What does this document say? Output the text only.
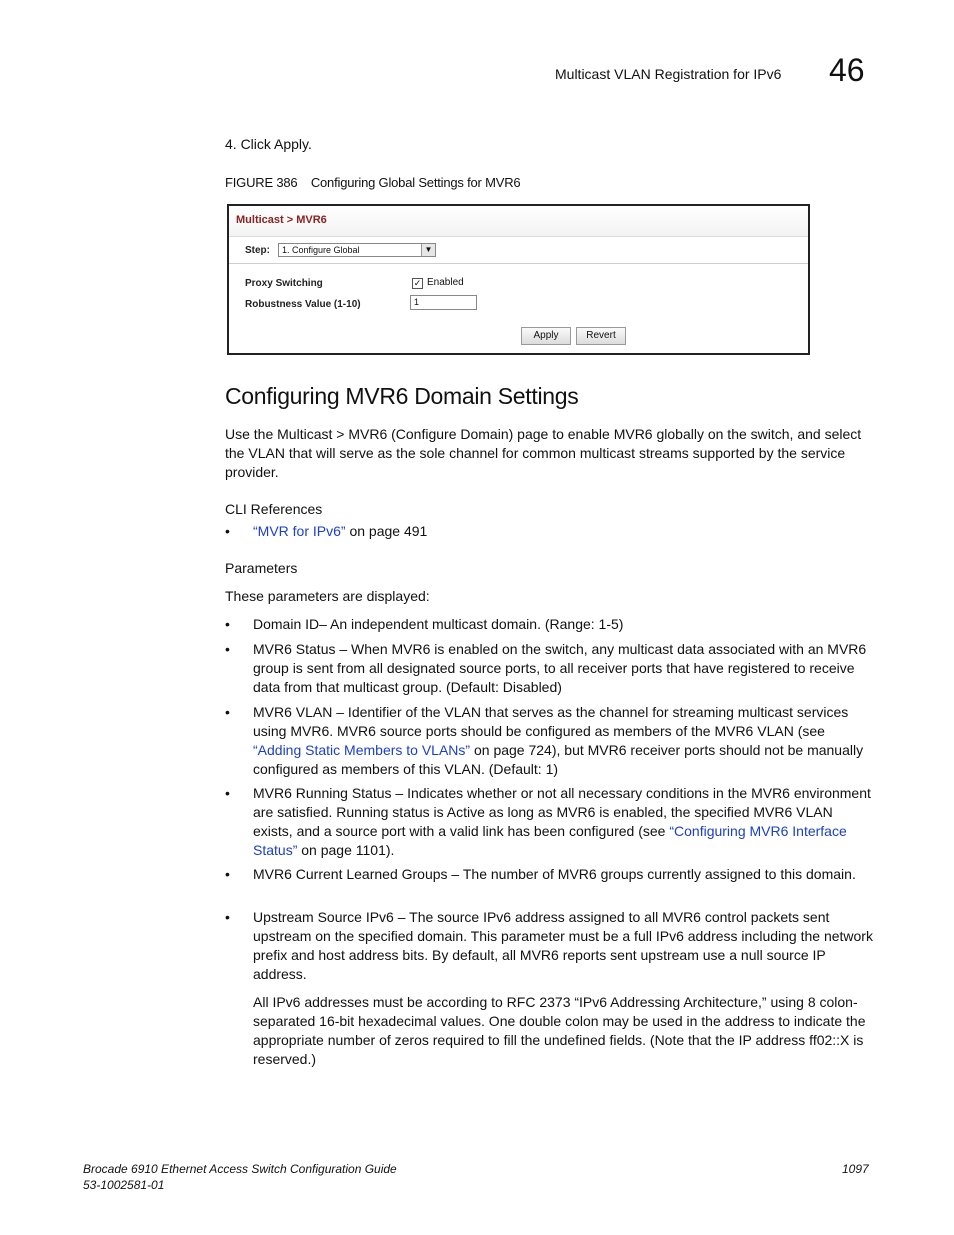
Multicast VLAN Registration for IPv6 46
4. Click Apply.
FIGURE 386 Configuring Global Settings for MVR6
Multicast > MVR6
Step:	1. Configure Global	▼
Proxy Switching	✓ Enabled
Robustness Value (1-10)	1
Apply	Revert
Configuring MVR6 Domain Settings
Use the Multicast > MVR6 (Configure Domain) page to enable MVR6 globally on the switch, and select the VLAN that will serve as the sole channel for common multicast streams supported by the service provider.
CLI References
• “MVR for IPv6” on page 491
Parameters
These parameters are displayed:
• Domain ID– An independent multicast domain. (Range: 1-5)
• MVR6 Status – When MVR6 is enabled on the switch, any multicast data associated with an MVR6 group is sent from all designated source ports, to all receiver ports that have registered to receive data from that multicast group. (Default: Disabled)
• MVR6 VLAN – Identifier of the VLAN that serves as the channel for streaming multicast services using MVR6. MVR6 source ports should be configured as members of the MVR6 VLAN (see “Adding Static Members to VLANs” on page 724), but MVR6 receiver ports should not be manually configured as members of this VLAN. (Default: 1)
• MVR6 Running Status – Indicates whether or not all necessary conditions in the MVR6 environment are satisfied. Running status is Active as long as MVR6 is enabled, the specified MVR6 VLAN exists, and a source port with a valid link has been configured (see “Configuring MVR6 Interface Status” on page 1101).
• MVR6 Current Learned Groups – The number of MVR6 groups currently assigned to this domain.
• Upstream Source IPv6 – The source IPv6 address assigned to all MVR6 control packets sent upstream on the specified domain. This parameter must be a full IPv6 address including the network prefix and host address bits. By default, all MVR6 reports sent upstream use a null source IP address.
All IPv6 addresses must be according to RFC 2373 “IPv6 Addressing Architecture,” using 8 colon-separated 16-bit hexadecimal values. One double colon may be used in the address to indicate the appropriate number of zeros required to fill the undefined fields. (Note that the IP address ff02::X is reserved.)
Brocade 6910 Ethernet Access Switch Configuration Guide
53-1002581-01
1097
